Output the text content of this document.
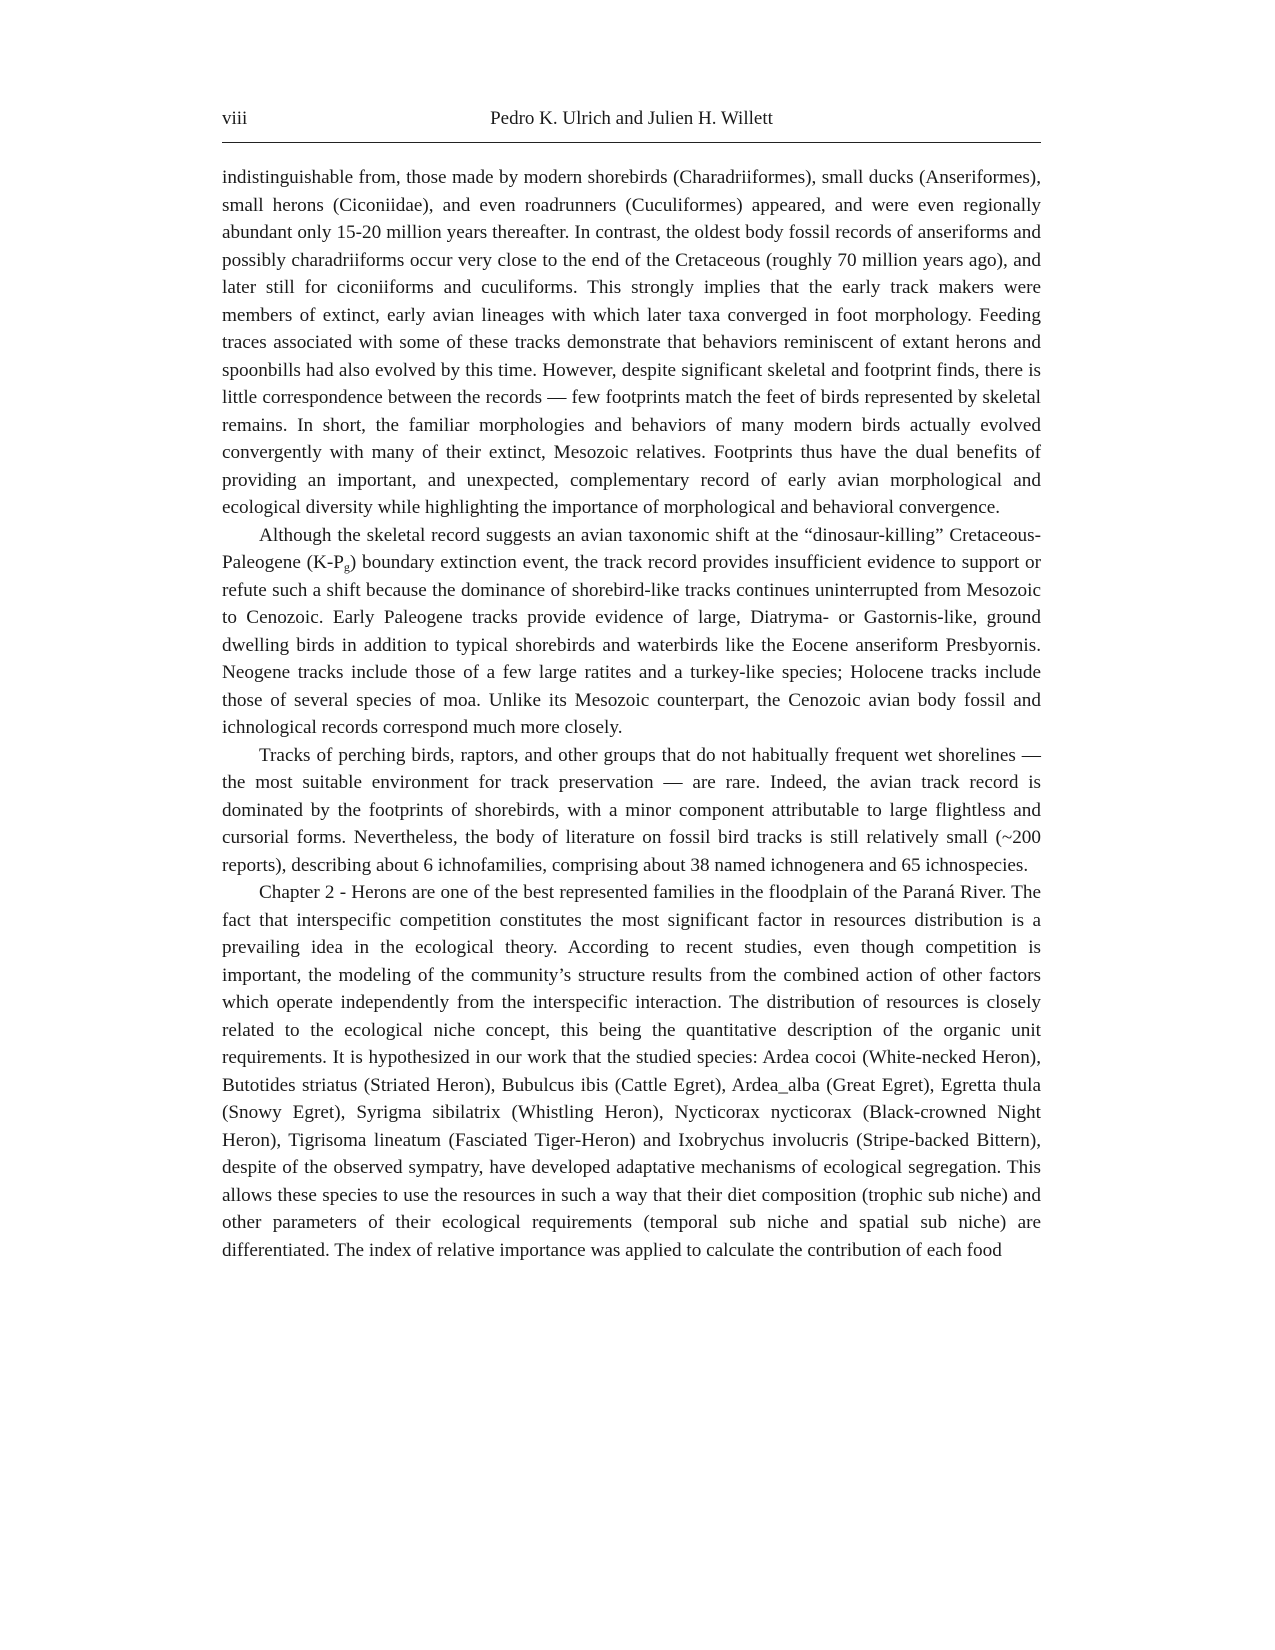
viii	Pedro K. Ulrich and Julien H. Willett

indistinguishable from, those made by modern shorebirds (Charadriiformes), small ducks (Anseriformes), small herons (Ciconiidae), and even roadrunners (Cuculiformes) appeared, and were even regionally abundant only 15-20 million years thereafter. In contrast, the oldest body fossil records of anseriforms and possibly charadriiforms occur very close to the end of the Cretaceous (roughly 70 million years ago), and later still for ciconiiforms and cuculiforms. This strongly implies that the early track makers were members of extinct, early avian lineages with which later taxa converged in foot morphology. Feeding traces associated with some of these tracks demonstrate that behaviors reminiscent of extant herons and spoonbills had also evolved by this time. However, despite significant skeletal and footprint finds, there is little correspondence between the records — few footprints match the feet of birds represented by skeletal remains. In short, the familiar morphologies and behaviors of many modern birds actually evolved convergently with many of their extinct, Mesozoic relatives. Footprints thus have the dual benefits of providing an important, and unexpected, complementary record of early avian morphological and ecological diversity while highlighting the importance of morphological and behavioral convergence.

Although the skeletal record suggests an avian taxonomic shift at the “dinosaur-killing” Cretaceous-Paleogene $(K-P_g)$ boundary extinction event, the track record provides insufficient evidence to support or refute such a shift because the dominance of shorebird-like tracks continues uninterrupted from Mesozoic to Cenozoic. Early Paleogene tracks provide evidence of large, Diatryma- or Gastornis-like, ground dwelling birds in addition to typical shorebirds and waterbirds like the Eocene anseriform Presbyornis. Neogene tracks include those of a few large ratites and a turkey-like species; Holocene tracks include those of several species of moa. Unlike its Mesozoic counterpart, the Cenozoic avian body fossil and ichnological records correspond much more closely.

Tracks of perching birds, raptors, and other groups that do not habitually frequent wet shorelines — the most suitable environment for track preservation — are rare. Indeed, the avian track record is dominated by the footprints of shorebirds, with a minor component attributable to large flightless and cursorial forms. Nevertheless, the body of literature on fossil bird tracks is still relatively small (~200 reports), describing about 6 ichnofamilies, comprising about 38 named ichnogenera and 65 ichnospecies.

Chapter 2 - Herons are one of the best represented families in the floodplain of the Paraná River. The fact that interspecific competition constitutes the most significant factor in resources distribution is a prevailing idea in the ecological theory. According to recent studies, even though competition is important, the modeling of the community’s structure results from the combined action of other factors which operate independently from the interspecific interaction. The distribution of resources is closely related to the ecological niche concept, this being the quantitative description of the organic unit requirements. It is hypothesized in our work that the studied species: Ardea cocoi (White-necked Heron), Butotides striatus (Striated Heron), Bubulcus ibis (Cattle Egret), Ardea_alba (Great Egret), Egretta thula (Snowy Egret), Syrigma sibilatrix (Whistling Heron), Nycticorax nycticorax (Black-crowned Night Heron), Tigrisoma lineatum (Fasciated Tiger-Heron) and Ixobrychus involucris (Stripe-backed Bittern), despite of the observed sympatry, have developed adaptative mechanisms of ecological segregation. This allows these species to use the resources in such a way that their diet composition (trophic sub niche) and other parameters of their ecological requirements (temporal sub niche and spatial sub niche) are differentiated. The index of relative importance was applied to calculate the contribution of each food
